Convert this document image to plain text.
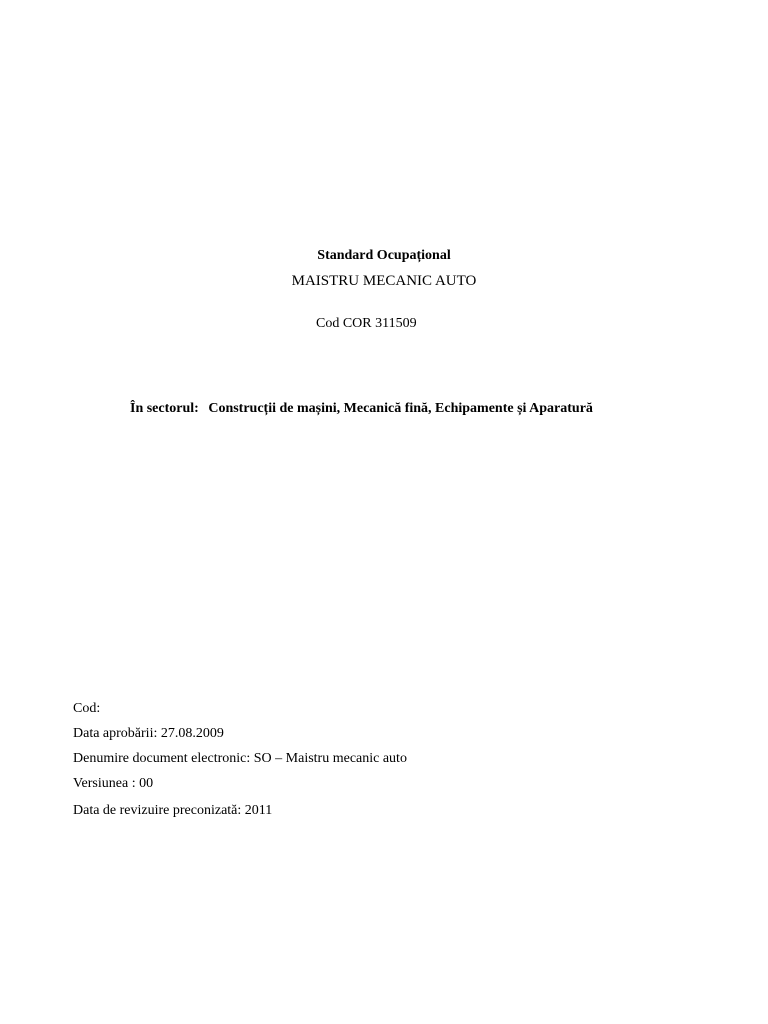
Standard Ocupațional
MAISTRU MECANIC AUTO
Cod COR 311509
În sectorul: Construcții de mașini, Mecanică fină, Echipamente și Aparatură
Cod:
Data aprobării: 27.08.2009
Denumire document electronic: SO – Maistru mecanic auto
Versiunea : 00
Data de revizuire preconizată: 2011
